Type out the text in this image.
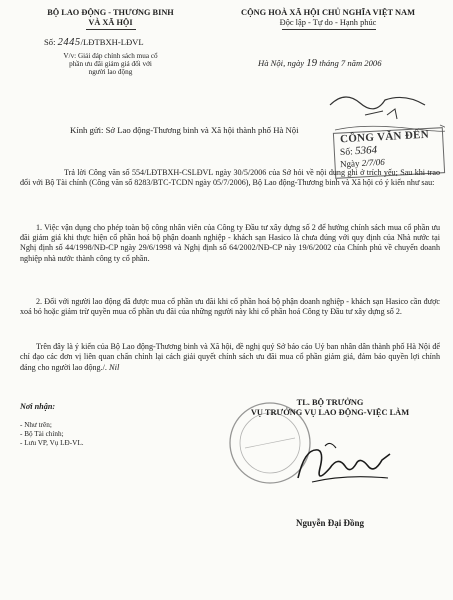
BỘ LAO ĐỘNG - THƯƠNG BINH
VÀ XÃ HỘI
Số: 2445/LĐTBXH-LĐVL
V/v: Giải đáp chính sách mua cổ
phần ưu đãi giảm giá đối với
người lao động
CỘNG HOÀ XÃ HỘI CHỦ NGHĨA VIỆT NAM
Độc lập - Tự do - Hạnh phúc
Hà Nội, ngày 19 tháng 7 năm 2006
CÔNG VĂN ĐẾN
Số: 5364
Ngày 2/7/06
Kính gửi: Sở Lao động-Thương binh và Xã hội thành phố Hà Nội
Trả lời Công văn số 554/LĐTBXH-CSLĐVL ngày 30/5/2006 của Sở hỏi về nội dung ghi ở trích yếu; Sau khi trao đổi với Bộ Tài chính (Công văn số 8283/BTC-TCDN ngày 05/7/2006), Bộ Lao động-Thương binh và Xã hội có ý kiến như sau:
1. Việc vận dụng cho phép toàn bộ công nhân viên của Công ty Đầu tư xây dựng số 2 để hưởng chính sách mua cổ phần ưu đãi giảm giá khi thực hiện cổ phần hoá bộ phận doanh nghiệp - khách sạn Hasico là chưa đúng với quy định của Nhà nước tại Nghị định số 44/1998/NĐ-CP ngày 29/6/1998 và Nghị định số 64/2002/NĐ-CP này 19/6/2002 của Chính phủ về chuyển doanh nghiệp nhà nước thành công ty cổ phần.
2. Đối với người lao động đã được mua cổ phần ưu đãi khi cổ phần hoá bộ phận doanh nghiệp - khách sạn Hasico cần được xoá bỏ hoặc giảm trừ quyền mua cổ phần ưu đãi của những người này khi cổ phần hoá Công ty Đầu tư xây dựng số 2.
Trên đây là ý kiến của Bộ Lao động-Thương binh và Xã hội, đề nghị quý Sở báo cáo Uỷ ban nhân dân thành phố Hà Nội để chỉ đạo các đơn vị liên quan chấn chỉnh lại cách giải quyết chính sách ưu đãi mua cổ phần giảm giá, đảm bảo quyền lợi chính đáng cho người lao động./. Nil
Nơi nhận:
- Như trên;
- Bộ Tài chính;
- Lưu VP, Vụ LĐ-VL.
TL. BỘ TRƯỞNG
VỤ TRƯỞNG VỤ LAO ĐỘNG-VIỆC LÀM
Nguyễn Đại Đồng
